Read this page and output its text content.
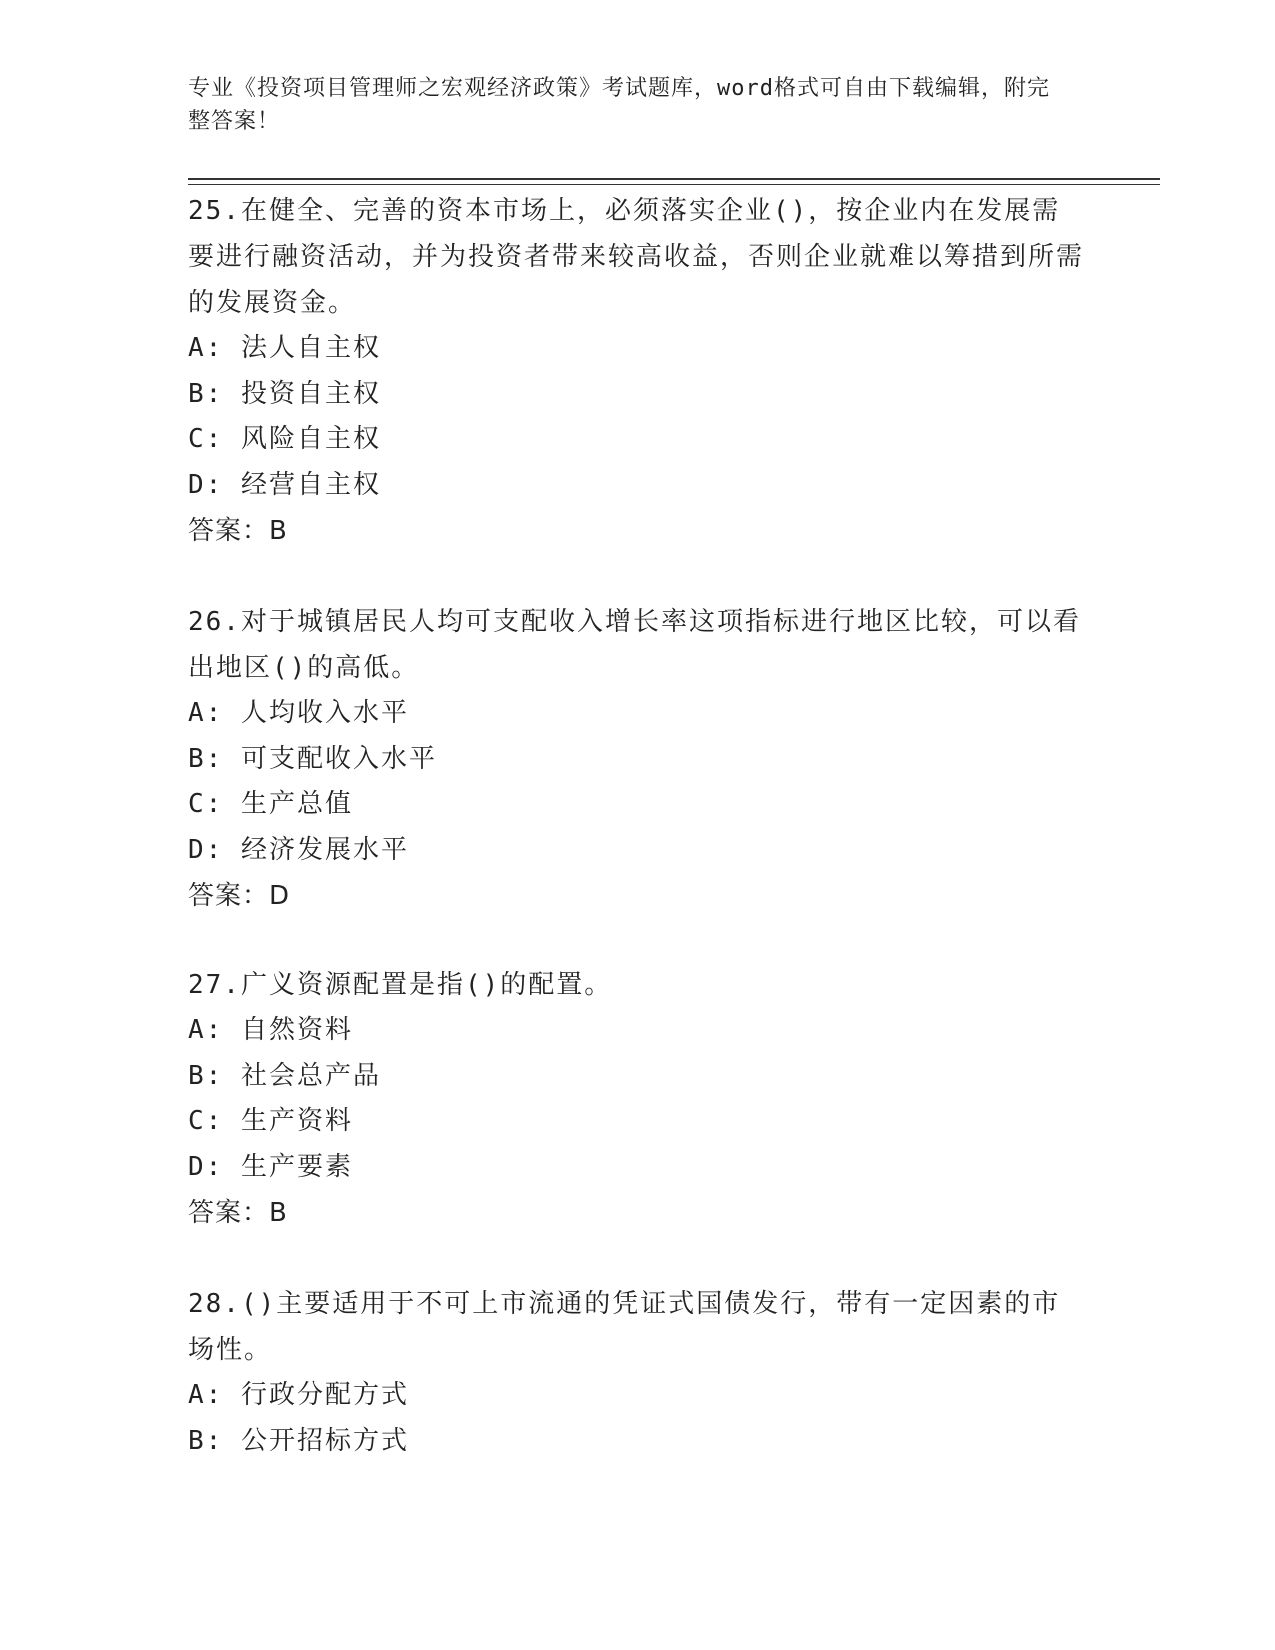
专业《投资项目管理师之宏观经济政策》考试题库，word格式可自由下载编辑，附完整答案！

25.在健全、完善的资本市场上，必须落实企业()，按企业内在发展需要进行融资活动，并为投资者带来较高收益，否则企业就难以筹措到所需的发展资金。

A: 法人自主权

B: 投资自主权

C: 风险自主权

D: 经营自主权

答案：B

26.对于城镇居民人均可支配收入增长率这项指标进行地区比较，可以看出地区()的高低。

A: 人均收入水平

B: 可支配收入水平

C: 生产总值

D: 经济发展水平

答案：D

27.广义资源配置是指()的配置。

A: 自然资料

B: 社会总产品

C: 生产资料

D: 生产要素

答案：B

28.()主要适用于不可上市流通的凭证式国债发行，带有一定因素的市场性。

A: 行政分配方式

B: 公开招标方式
